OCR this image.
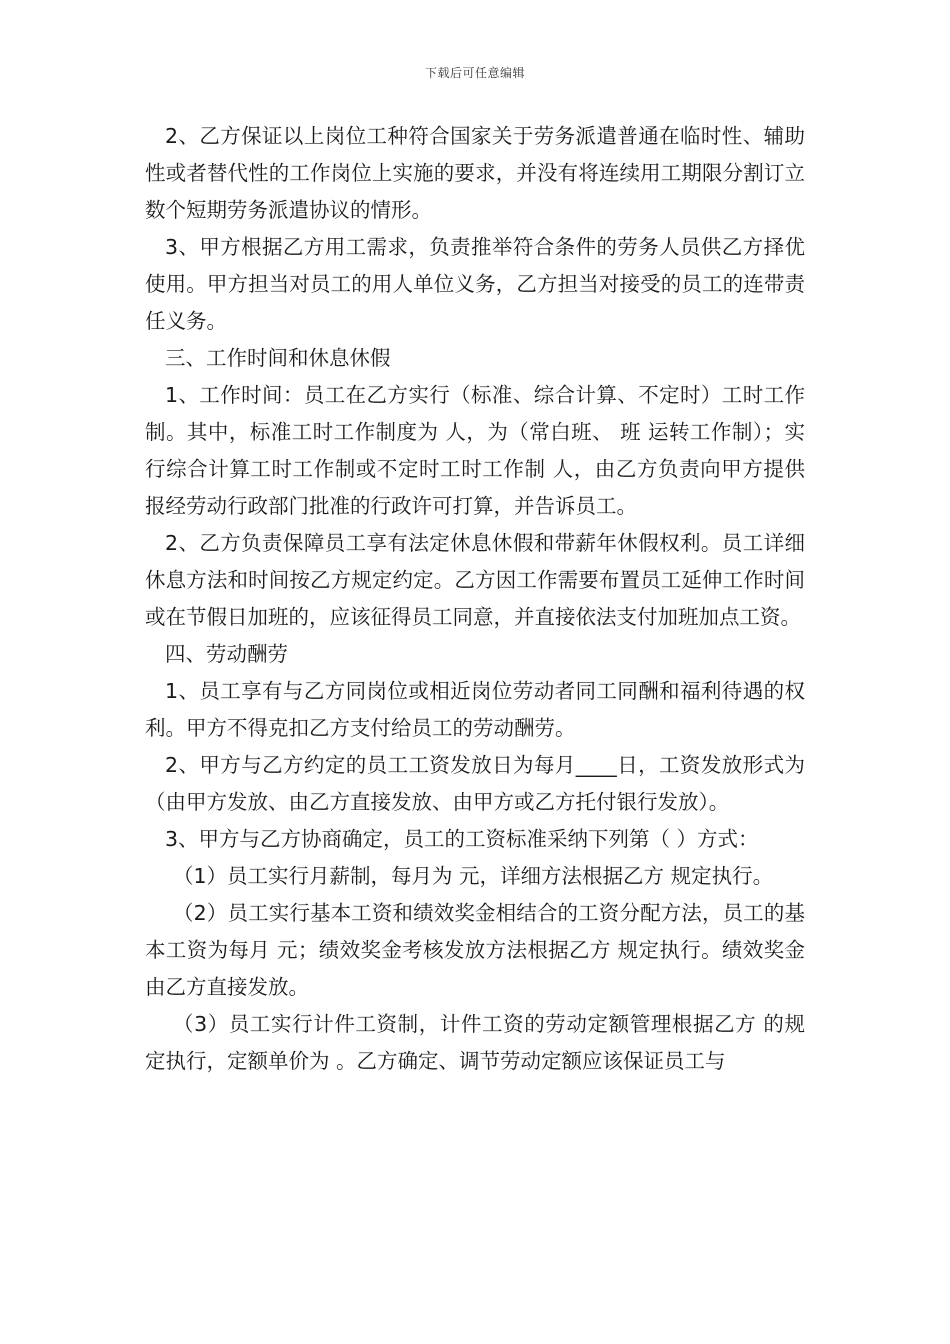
下载后可任意编辑

2、乙方保证以上岗位工种符合国家关于劳务派遣普通在临时性、辅助性或者替代性的工作岗位上实施的要求，并没有将连续用工期限分割订立数个短期劳务派遣协议的情形。

3、甲方根据乙方用工需求，负责推举符合条件的劳务人员供乙方择优使用。甲方担当对员工的用人单位义务，乙方担当对接受的员工的连带责任义务。

三、工作时间和休息休假

1、工作时间：员工在乙方实行（标准、综合计算、不定时）工时工作制。其中，标准工时工作制度为 人，为（常白班、 班 运转工作制）；实行综合计算工时工作制或不定时工时工作制 人，由乙方负责向甲方提供报经劳动行政部门批准的行政许可打算，并告诉员工。

2、乙方负责保障员工享有法定休息休假和带薪年休假权利。员工详细休息方法和时间按乙方规定约定。乙方因工作需要布置员工延伸工作时间或在节假日加班的，应该征得员工同意，并直接依法支付加班加点工资。

四、劳动酬劳

1、员工享有与乙方同岗位或相近岗位劳动者同工同酬和福利待遇的权利。甲方不得克扣乙方支付给员工的劳动酬劳。

2、甲方与乙方约定的员工工资发放日为每月____日，工资发放形式为（由甲方发放、由乙方直接发放、由甲方或乙方托付银行发放）。

3、甲方与乙方协商确定，员工的工资标准采纳下列第（ ）方式：

（1）员工实行月薪制，每月为 元，详细方法根据乙方 规定执行。

（2）员工实行基本工资和绩效奖金相结合的工资分配方法，员工的基本工资为每月 元；绩效奖金考核发放方法根据乙方 规定执行。绩效奖金由乙方直接发放。

（3）员工实行计件工资制，计件工资的劳动定额管理根据乙方 的规定执行，定额单价为 。乙方确定、调节劳动定额应该保证员工与
